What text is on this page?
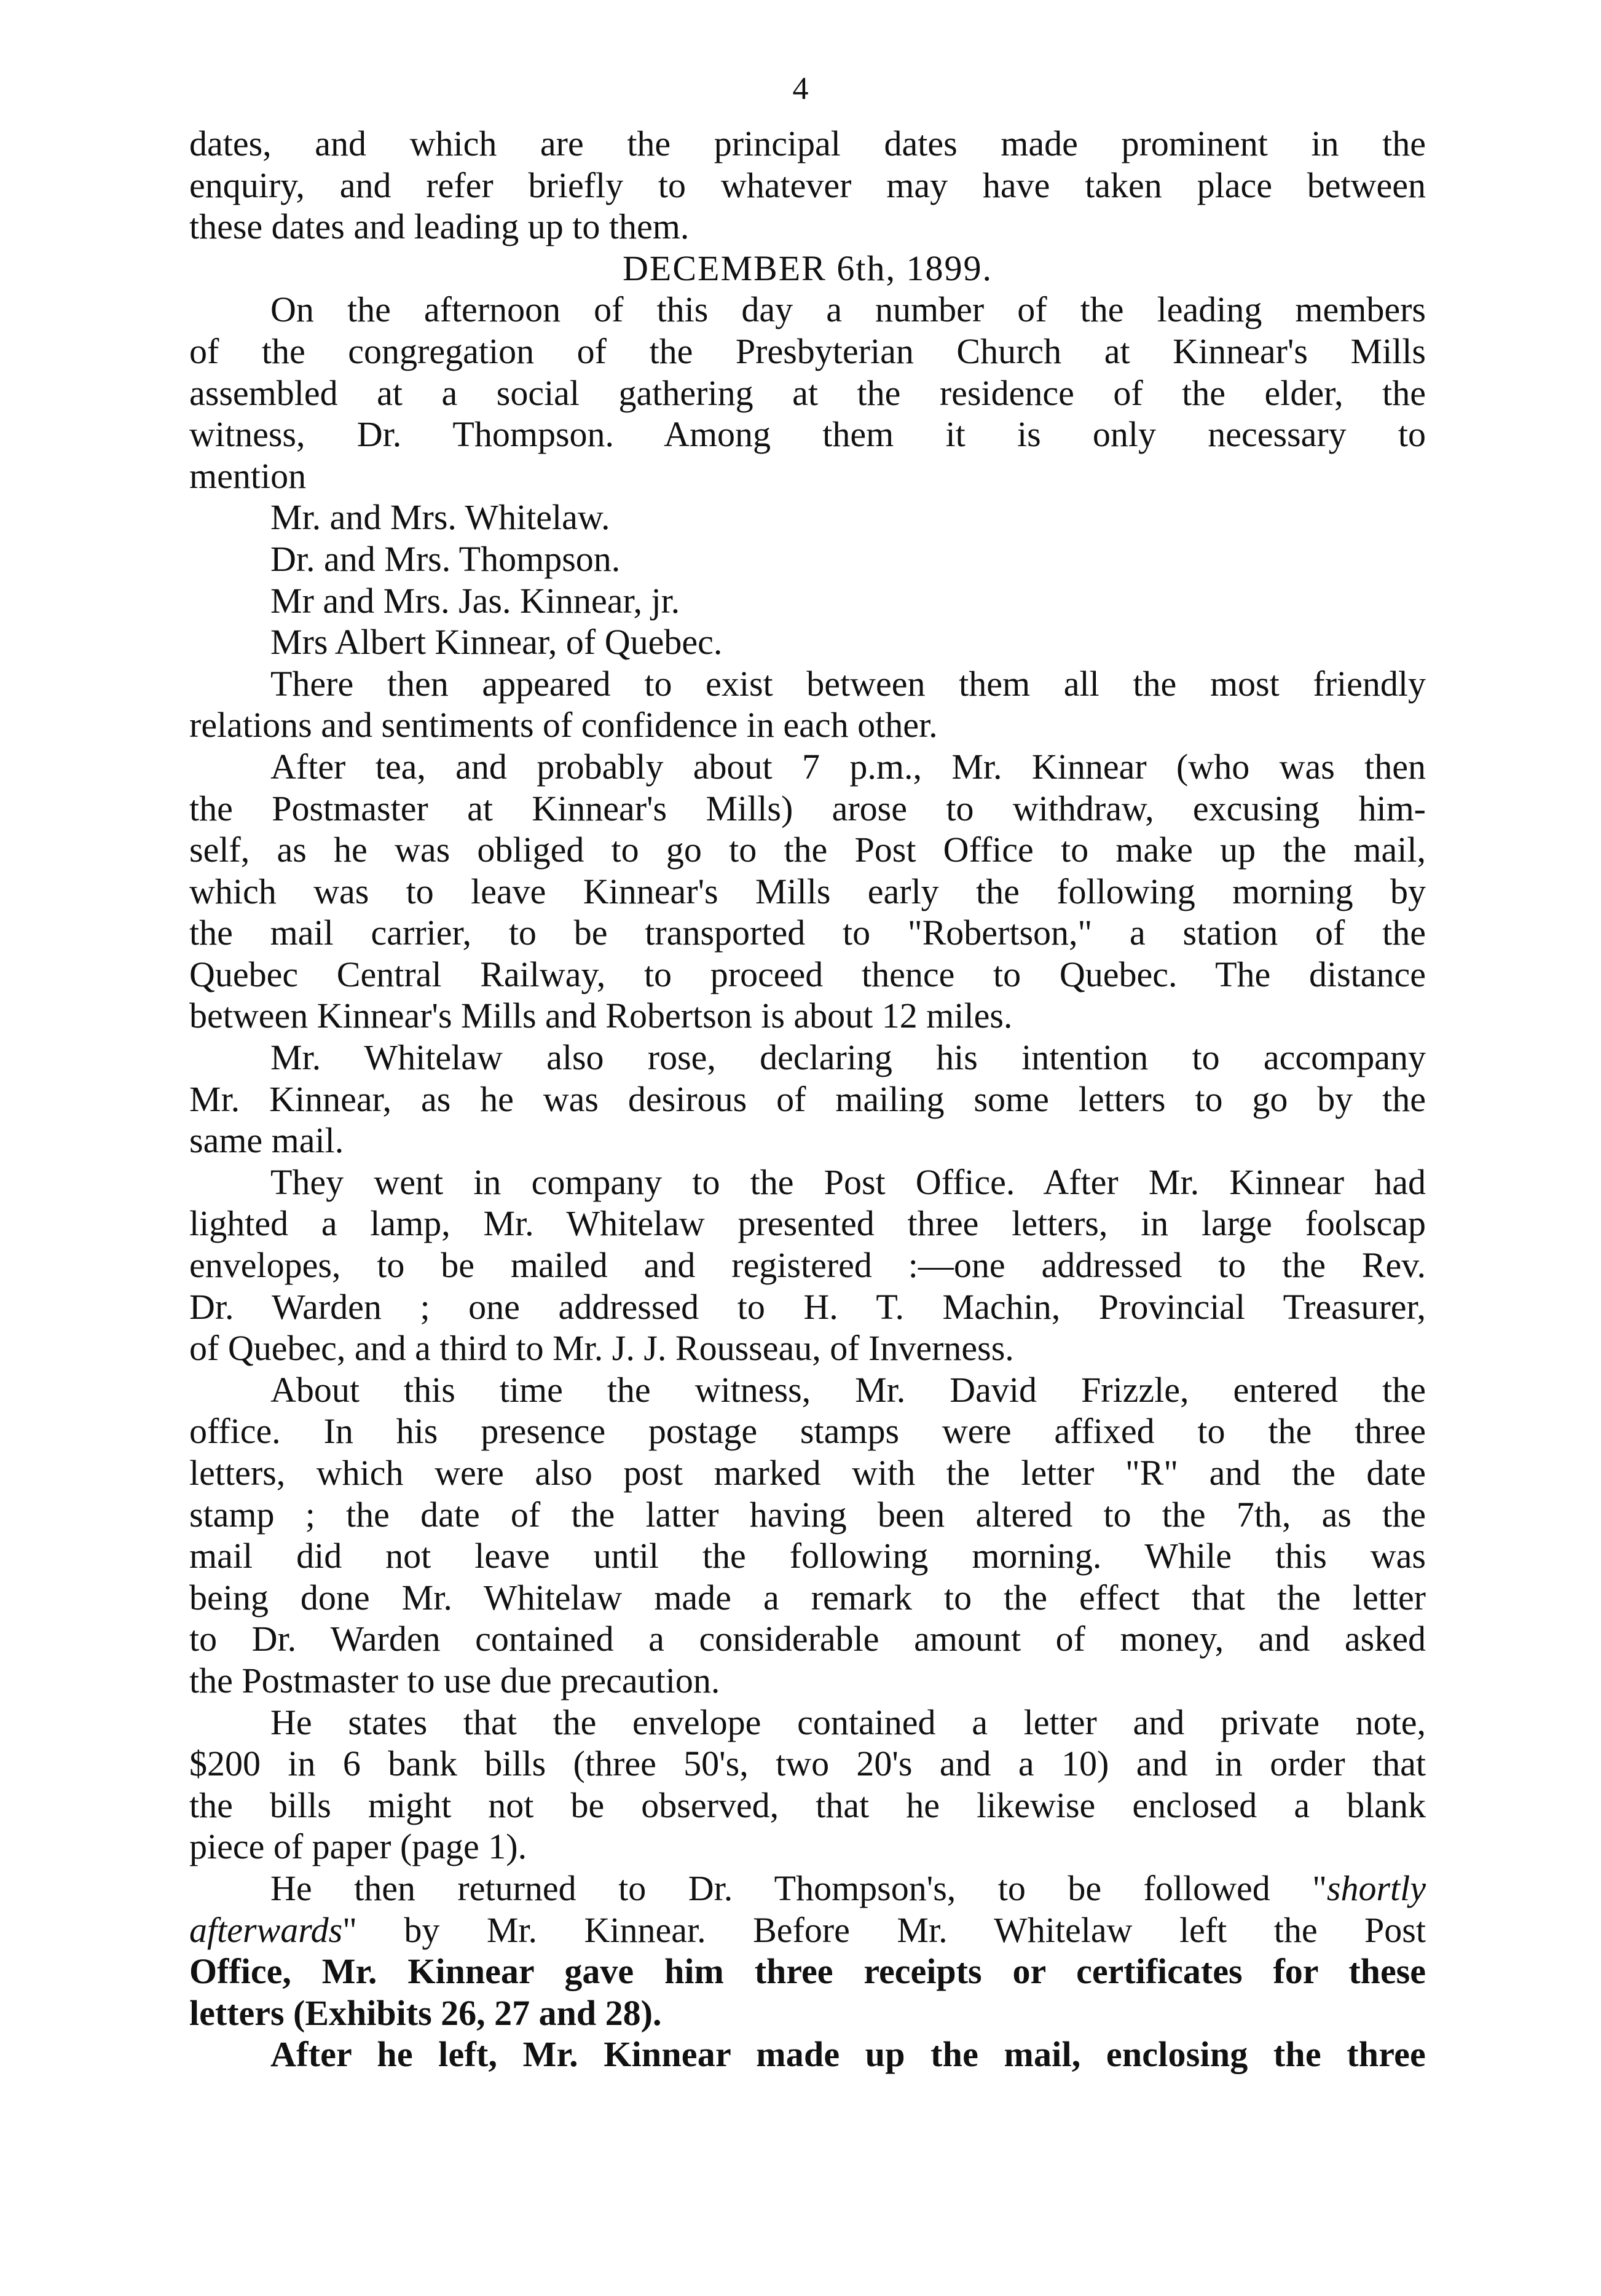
4
dates, and which are the principal dates made prominent in the
enquiry, and refer briefly to whatever may have taken place between
these dates and leading up to them.
DECEMBER 6th, 1899.
On the afternoon of this day a number of the leading members
of the congregation of the Presbyterian Church at Kinnear's Mills
assembled at a social gathering at the residence of the elder, the
witness, Dr. Thompson. Among them it is only necessary to
mention
Mr. and Mrs. Whitelaw.
Dr. and Mrs. Thompson.
Mr and Mrs. Jas. Kinnear, jr.
Mrs Albert Kinnear, of Quebec.
There then appeared to exist between them all the most friendly
relations and sentiments of confidence in each other.
After tea, and probably about 7 p.m., Mr. Kinnear (who was then
the Postmaster at Kinnear's Mills) arose to withdraw, excusing him-
self, as he was obliged to go to the Post Office to make up the mail,
which was to leave Kinnear's Mills early the following morning by
the mail carrier, to be transported to "Robertson," a station of the
Quebec Central Railway, to proceed thence to Quebec. The distance
between Kinnear's Mills and Robertson is about 12 miles.
Mr. Whitelaw also rose, declaring his intention to accompany
Mr. Kinnear, as he was desirous of mailing some letters to go by the
same mail.
They went in company to the Post Office. After Mr. Kinnear had
lighted a lamp, Mr. Whitelaw presented three letters, in large foolscap
envelopes, to be mailed and registered :—one addressed to the Rev.
Dr. Warden ; one addressed to H. T. Machin, Provincial Treasurer,
of Quebec, and a third to Mr. J. J. Rousseau, of Inverness.
About this time the witness, Mr. David Frizzle, entered the
office. In his presence postage stamps were affixed to the three
letters, which were also post marked with the letter "R" and the date
stamp ; the date of the latter having been altered to the 7th, as the
mail did not leave until the following morning. While this was
being done Mr. Whitelaw made a remark to the effect that the letter
to Dr. Warden contained a considerable amount of money, and asked
the Postmaster to use due precaution.
He states that the envelope contained a letter and private note,
$200 in 6 bank bills (three 50's, two 20's and a 10) and in order that
the bills might not be observed, that he likewise enclosed a blank
piece of paper (page 1).
He then returned to Dr. Thompson's, to be followed "shortly
afterwards" by Mr. Kinnear. Before Mr. Whitelaw left the Post
Office, Mr. Kinnear gave him three receipts or certificates for these
letters (Exhibits 26, 27 and 28).
After he left, Mr. Kinnear made up the mail, enclosing the three
